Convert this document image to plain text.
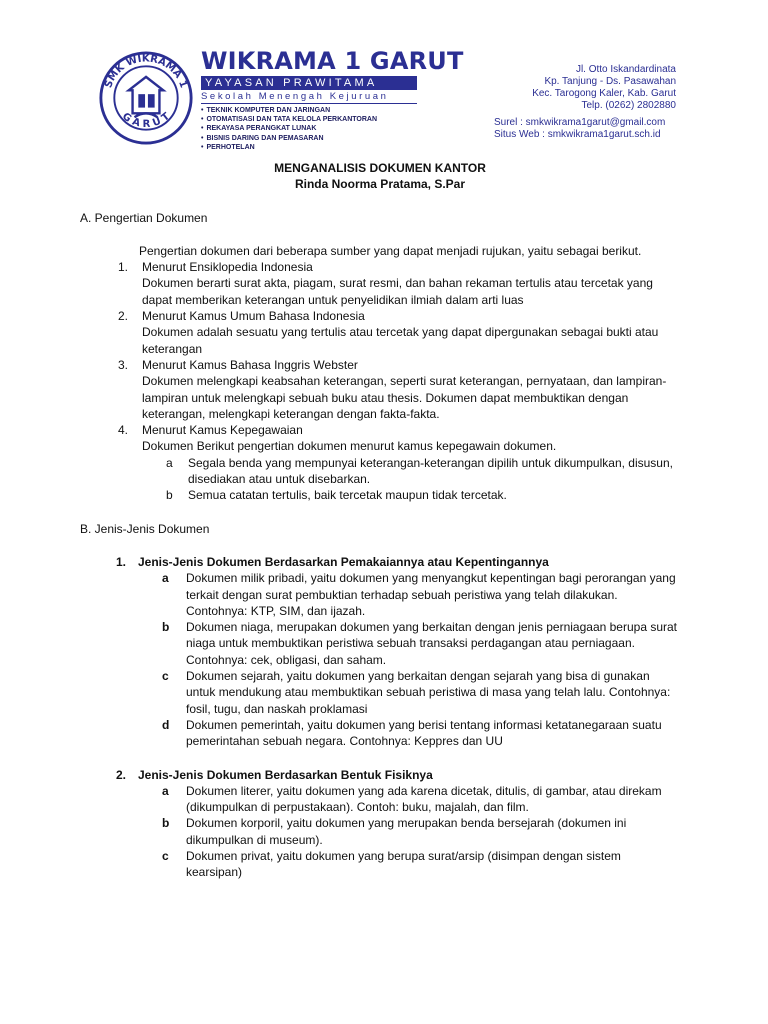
SMK WIKRAMA 1
G A R U T
WIKRAMA 1 GARUT
YAYASAN PRAWITAMA
Sekolah Menengah Kejuruan
• TEKNIK KOMPUTER DAN JARINGAN
• OTOMATISASI DAN TATA KELOLA PERKANTORAN
• REKAYASA PERANGKAT LUNAK
• BISNIS DARING DAN PEMASARAN
• PERHOTELAN
Jl. Otto Iskandardinata
Kp. Tanjung - Ds. Pasawahan
Kec. Tarogong Kaler, Kab. Garut
Telp. (0262) 2802880
Surel : smkwikrama1garut@gmail.com
Situs Web : smkwikrama1garut.sch.id
MENGANALISIS DOKUMEN KANTOR
Rinda Noorma Pratama, S.Par
A. Pengertian Dokumen
Pengertian dokumen dari beberapa sumber yang dapat menjadi rujukan, yaitu sebagai berikut.
1. Menurut Ensiklopedia Indonesia
Dokumen berarti surat akta, piagam, surat resmi, dan bahan rekaman tertulis atau tercetak yang dapat memberikan keterangan untuk penyelidikan ilmiah dalam arti luas
2. Menurut Kamus Umum Bahasa Indonesia
Dokumen adalah sesuatu yang tertulis atau tercetak yang dapat dipergunakan sebagai bukti atau keterangan
3. Menurut Kamus Bahasa Inggris Webster
Dokumen melengkapi keabsahan keterangan, seperti surat keterangan, pernyataan, dan lampiran-lampiran untuk melengkapi sebuah buku atau thesis. Dokumen dapat membuktikan dengan keterangan, melengkapi keterangan dengan fakta-fakta.
4. Menurut Kamus Kepegawaian
Dokumen Berikut pengertian dokumen menurut kamus kepegawain dokumen.
a Segala benda yang mempunyai keterangan-keterangan dipilih untuk dikumpulkan, disusun, disediakan atau untuk disebarkan.
b Semua catatan tertulis, baik tercetak maupun tidak tercetak.
B. Jenis-Jenis Dokumen
1. Jenis-Jenis Dokumen Berdasarkan Pemakaiannya atau Kepentingannya
a Dokumen milik pribadi, yaitu dokumen yang menyangkut kepentingan bagi perorangan yang terkait dengan surat pembuktian terhadap sebuah peristiwa yang telah dilakukan. Contohnya: KTP, SIM, dan ijazah.
b Dokumen niaga, merupakan dokumen yang berkaitan dengan jenis perniagaan berupa surat niaga untuk membuktikan peristiwa sebuah transaksi perdagangan atau perniagaan. Contohnya: cek, obligasi, dan saham.
c Dokumen sejarah, yaitu dokumen yang berkaitan dengan sejarah yang bisa di gunakan untuk mendukung atau membuktikan sebuah peristiwa di masa yang telah lalu. Contohnya: fosil, tugu, dan naskah proklamasi
d Dokumen pemerintah, yaitu dokumen yang berisi tentang informasi ketatanegaraan suatu pemerintahan sebuah negara. Contohnya: Keppres dan UU
2. Jenis-Jenis Dokumen Berdasarkan Bentuk Fisiknya
a Dokumen literer, yaitu dokumen yang ada karena dicetak, ditulis, di gambar, atau direkam (dikumpulkan di perpustakaan). Contoh: buku, majalah, dan film.
b Dokumen korporil, yaitu dokumen yang merupakan benda bersejarah (dokumen ini dikumpulkan di museum).
c Dokumen privat, yaitu dokumen yang berupa surat/arsip (disimpan dengan sistem kearsipan)
